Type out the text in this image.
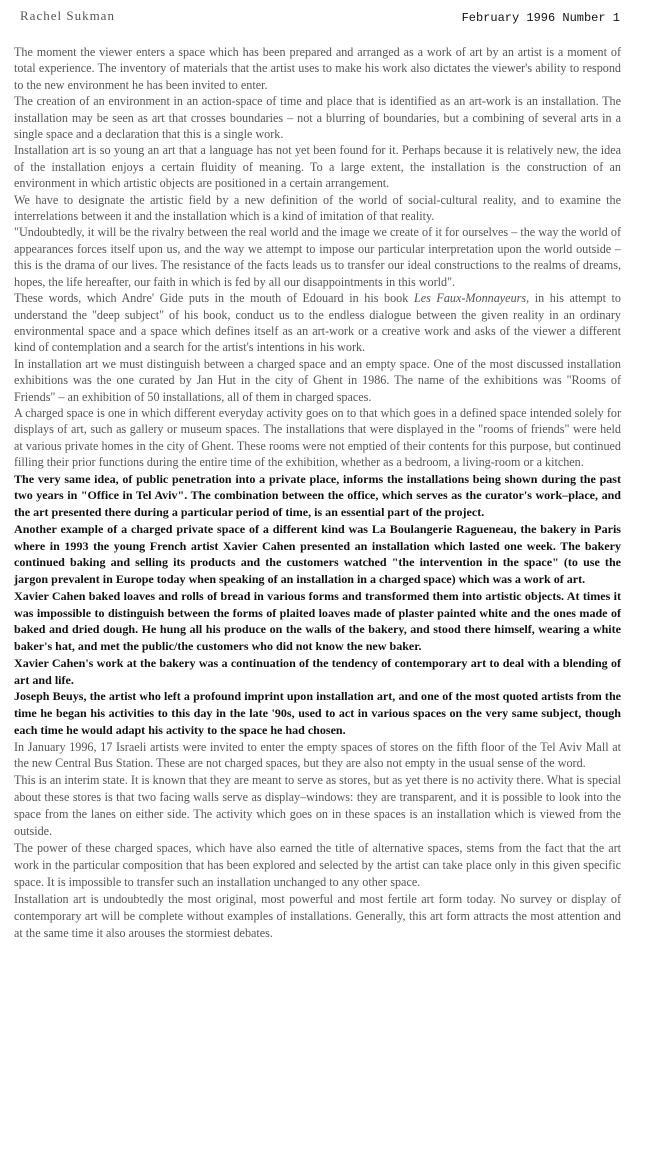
Rachel Sukman	February 1996 Number 1

The moment the viewer enters a space which has been prepared and arranged as a work of art by an artist is a moment of total experience. The inventory of materials that the artist uses to make his work also dictates the viewer's ability to respond to the new environment he has been invited to enter.

The creation of an environment in an action-space of time and place that is identified as an art-work is an installation. The installation may be seen as art that crosses boundaries – not a blurring of boundaries, but a combining of several arts in a single space and a declaration that this is a single work.

Installation art is so young an art that a language has not yet been found for it. Perhaps because it is relatively new, the idea of the installation enjoys a certain fluidity of meaning. To a large extent, the installation is the construction of an environment in which artistic objects are positioned in a certain arrangement.

We have to designate the artistic field by a new definition of the world of social-cultural reality, and to examine the interrelations between it and the installation which is a kind of imitation of that reality.

"Undoubtedly, it will be the rivalry between the real world and the image we create of it for ourselves – the way the world of appearances forces itself upon us, and the way we attempt to impose our particular interpretation upon the world outside – this is the drama of our lives. The resistance of the facts leads us to transfer our ideal constructions to the realms of dreams, hopes, the life hereafter, our faith in which is fed by all our disappointments in this world".

These words, which Andre' Gide puts in the mouth of Edouard in his book Les Faux-Monnayeurs, in his attempt to understand the "deep subject" of his book, conduct us to the endless dialogue between the given reality in an ordinary environmental space and a space which defines itself as an art-work or a creative work and asks of the viewer a different kind of contemplation and a search for the artist's intentions in his work.

In installation art we must distinguish between a charged space and an empty space. One of the most discussed installation exhibitions was the one curated by Jan Hut in the city of Ghent in 1986. The name of the exhibitions was "Rooms of Friends" – an exhibition of 50 installations, all of them in charged spaces.

A charged space is one in which different everyday activity goes on to that which goes in a defined space intended solely for displays of art, such as gallery or museum spaces. The installations that were displayed in the "rooms of friends" were held at various private homes in the city of Ghent. These rooms were not emptied of their contents for this purpose, but continued filling their prior functions during the entire time of the exhibition, whether as a bedroom, a living-room or a kitchen.

The very same idea, of public penetration into a private place, informs the installations being shown during the past two years in "Office in Tel Aviv". The combination between the office, which serves as the curator's work–place, and the art presented there during a particular period of time, is an essential part of the project.

Another example of a charged private space of a different kind was La Boulangerie Ragueneau, the bakery in Paris where in 1993 the young French artist Xavier Cahen presented an installation which lasted one week. The bakery continued baking and selling its products and the customers watched "the intervention in the space" (to use the jargon prevalent in Europe today when speaking of an installation in a charged space) which was a work of art.

Xavier Cahen baked loaves and rolls of bread in various forms and transformed them into artistic objects. At times it was impossible to distinguish between the forms of plaited loaves made of plaster painted white and the ones made of baked and dried dough. He hung all his produce on the walls of the bakery, and stood there himself, wearing a white baker's hat, and met the public/the customers who did not know the new baker.

Xavier Cahen's work at the bakery was a continuation of the tendency of contemporary art to deal with a blending of art and life.

Joseph Beuys, the artist who left a profound imprint upon installation art, and one of the most quoted artists from the time he began his activities to this day in the late '90s, used to act in various spaces on the very same subject, though each time he would adapt his activity to the space he had chosen.

In January 1996, 17 Israeli artists were invited to enter the empty spaces of stores on the fifth floor of the Tel Aviv Mall at the new Central Bus Station. These are not charged spaces, but they are also not empty in the usual sense of the word.

This is an interim state. It is known that they are meant to serve as stores, but as yet there is no activity there. What is special about these stores is that two facing walls serve as display–windows: they are transparent, and it is possible to look into the space from the lanes on either side. The activity which goes on in these spaces is an installation which is viewed from the outside.

The power of these charged spaces, which have also earned the title of alternative spaces, stems from the fact that the art work in the particular composition that has been explored and selected by the artist can take place only in this given specific space. It is impossible to transfer such an installation unchanged to any other space.

Installation art is undoubtedly the most original, most powerful and most fertile art form today. No survey or display of contemporary art will be complete without examples of installations. Generally, this art form attracts the most attention and at the same time it also arouses the stormiest debates.
